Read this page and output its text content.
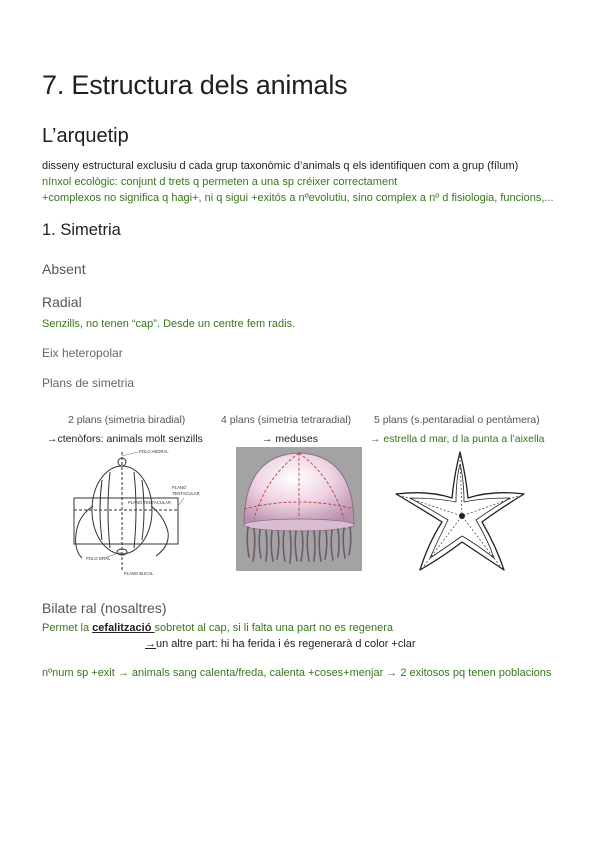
7. Estructura dels animals
L’arquetip
disseny estructural exclusiu d cada grup taxonòmic d’animals q els identifiquen com a grup (fílum)
nínxol ecològic: conjunt d trets q permeten a una sp créixer correctament
+complexos no significa q hagi+, ni q sigui +exitós a nºevolutiu, sino complex a nº d fisiologia, funcions,...
1. Simetria
Absent
Radial
Senzills, no tenen “cap”. Desde un centre fem radis.
Eix heteropolar
Plans de simetria
2 plans (simetria biradial)	4 plans (simetria tetraradial) 5 plans (s.pentaradial o pentàmera)
→ctenòfors: animals molt senzills	→ meduses	→ estrella d mar, d la punta a l’aixella
POLO ABORAL
PLANO
TENTACULAR
POLO ORAL
PLANO BUCAL
PLANO TENTACULAR
Bilate ral (nosaltres)
Permet la cefalització sobretot al cap, si li falta una part no es regenera
→un altre part: hi ha ferida i és regenerarà d color +clar
nºnum sp +exit → animals sang calenta/freda, calenta +coses+menjar → 2 exitosos pq tenen poblacions
